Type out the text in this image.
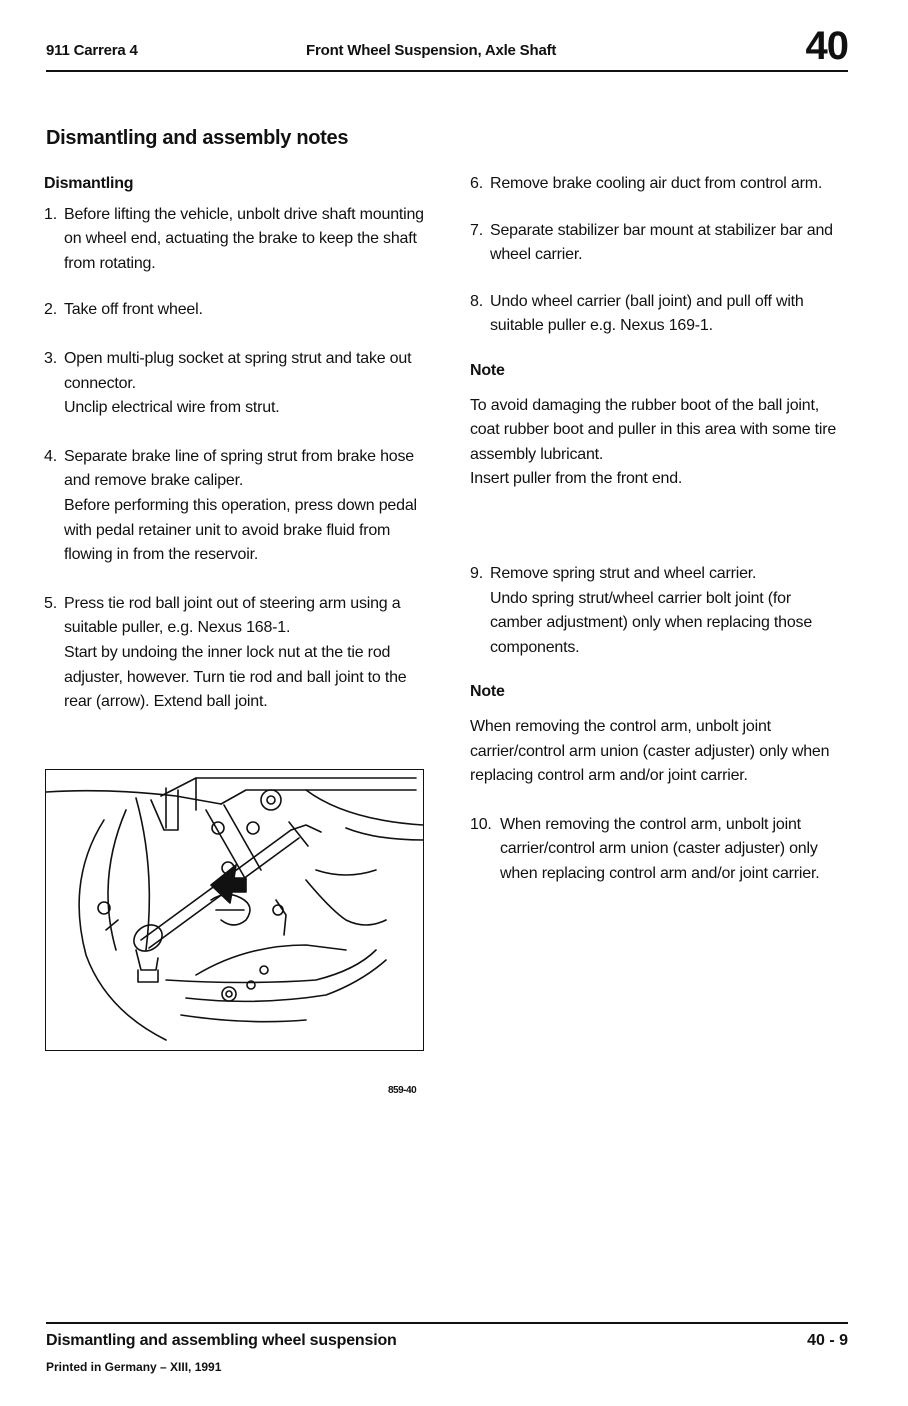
911 Carrera 4	Front Wheel Suspension, Axle Shaft	40
Dismantling and assembly notes
Dismantling
1. Before lifting the vehicle, unbolt drive shaft mounting on wheel end, actuating the brake to keep the shaft from rotating.

2. Take off front wheel.

3. Open multi-plug socket at spring strut and take out connector.

Unclip electrical wire from strut.

4. Separate brake line of spring strut from brake hose and remove brake caliper.

Before performing this operation, press down pedal with pedal retainer unit to avoid brake fluid from flowing in from the reservoir.

5. Press tie rod ball joint out of steering arm using a suitable puller, e.g. Nexus 168-1.

Start by undoing the inner lock nut at the tie rod adjuster, however. Turn tie rod and ball joint to the rear (arrow). Extend ball joint.

859-40
6. Remove brake cooling air duct from control arm.

7. Separate stabilizer bar mount at stabilizer bar and wheel carrier.

8. Undo wheel carrier (ball joint) and pull off with suitable puller e.g. Nexus 169-1.

Note

To avoid damaging the rubber boot of the ball joint, coat rubber boot and puller in this area with some tire assembly lubricant.

Insert puller from the front end.

9. Remove spring strut and wheel carrier.

Undo spring strut/wheel carrier bolt joint (for camber adjustment) only when replacing those components.

Note

When removing the control arm, unbolt joint carrier/control arm union (caster adjuster) only when replacing control arm and/or joint carrier.

10. When removing the control arm, unbolt joint carrier/control arm union (caster adjuster) only when replacing control arm and/or joint carrier.

Dismantling and assembling wheel suspension	40 - 9
Printed in Germany – XIII, 1991
